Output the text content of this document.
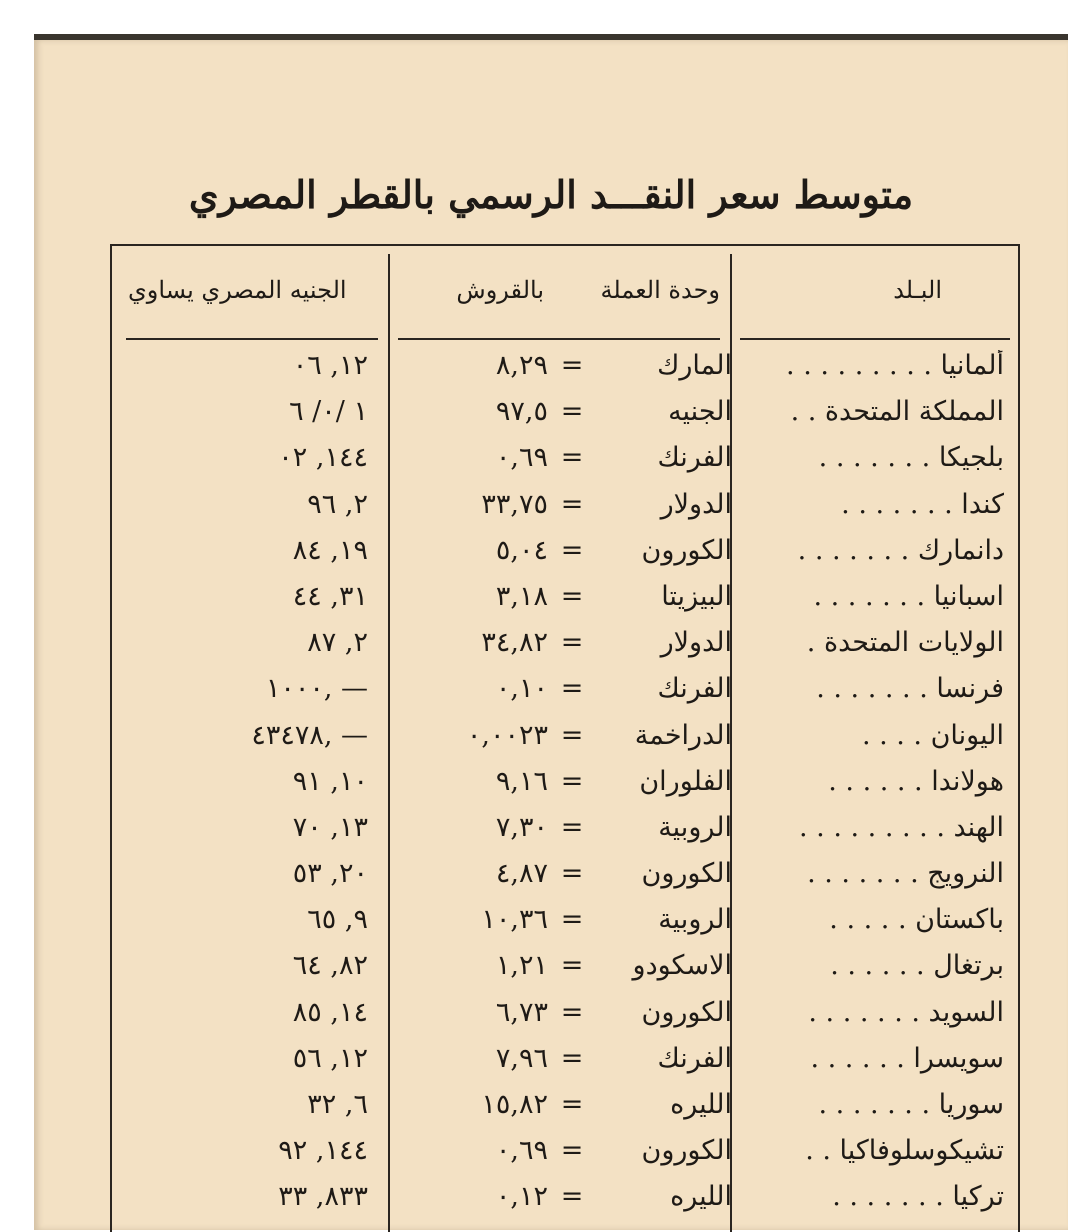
متوسط سعر النقـــد الرسمي بالقطر المصري
البـلد
وحدة العملة
بالقروش
الجنيه المصري يساوي
ألمانيا . . . . . . . . .
المارك
=
٨,٢٩
١٢, ٠٦
المملكة المتحدة . .
الجنيه
=
٩٧,٥
١ /٠/ ٦
بلجيكا . . . . . . .
الفرنك
=
٠,٦٩
١٤٤, ٠٢
كندا . . . . . . .
الدولار
=
٣٣,٧٥
٢, ٩٦
دانمارك . . . . . . .
الكورون
=
٥,٠٤
١٩, ٨٤
اسبانيا . . . . . . .
البيزيتا
=
٣,١٨
٣١, ٤٤
الولايات المتحدة .
الدولار
=
٣٤,٨٢
٢, ٨٧
فرنسا . . . . . . .
الفرنك
=
٠,١٠
١٠٠٠, —
اليونان . . . .
الدراخمة
=
٠,٠٠٢٣
٤٣٤٧٨, —
هولاندا . . . . . .
الفلوران
=
٩,١٦
١٠, ٩١
الهند . . . . . . . . .
الروبية
=
٧,٣٠
١٣, ٧٠
النرويج . . . . . . .
الكورون
=
٤,٨٧
٢٠, ٥٣
باكستان . . . . .
الروبية
=
١٠,٣٦
٩, ٦٥
برتغال . . . . . .
الاسكودو
=
١,٢١
٨٢, ٦٤
السويد . . . . . . .
الكورون
=
٦,٧٣
١٤, ٨٥
سويسرا . . . . . .
الفرنك
=
٧,٩٦
١٢, ٥٦
سوريا . . . . . . .
الليره
=
١٥,٨٢
٦, ٣٢
تشيكوسلوفاكيا . .
الكورون
=
٠,٦٩
١٤٤, ٩٢
تركيا . . . . . . .
الليره
=
٠,١٢
٨٣٣, ٣٣
